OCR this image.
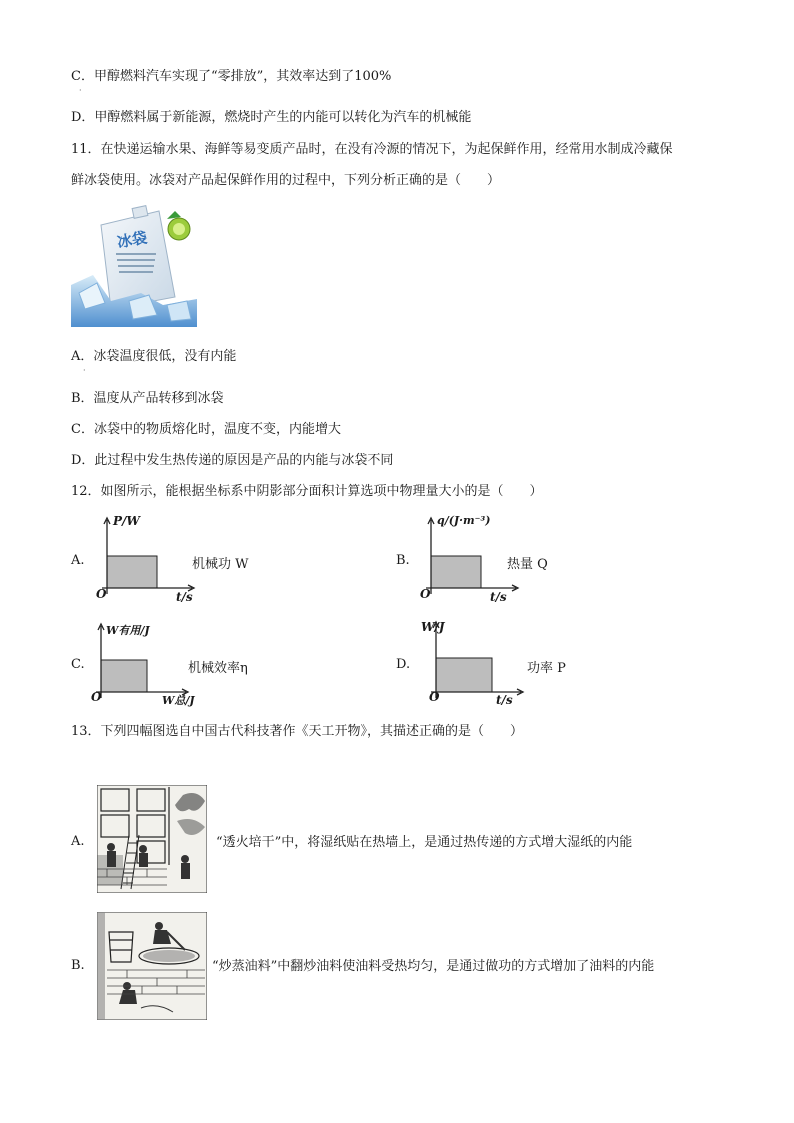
C．甲醇燃料汽车实现了“零排放”，其效率达到了100%
·
D．甲醇燃料属于新能源，燃烧时产生的内能可以转化为汽车的机械能
11．在快递运输水果、海鲜等易变质产品时，在没有冷源的情况下，为起保鲜作用，经常用水制成冷藏保
鲜冰袋使用。冰袋对产品起保鲜作用的过程中，下列分析正确的是（　　）
冰袋
A．冰袋温度很低，没有内能
·
B．温度从产品转移到冰袋
C．冰袋中的物质熔化时，温度不变，内能增大
D．此过程中发生热传递的原因是产品的内能与冰袋不同
12．如图所示，能根据坐标系中阴影部分面积计算选项中物理量大小的是（　　）
A.
P/W
O	t/s
机械功 W	B.
q/(J·m⁻³)
O	t/s
热量 Q
C.
W有用/J
O	W总/J
机械效率η	D.
W/J
O	t/s
功率 P
13．下列四幅图选自中国古代科技著作《天工开物》，其描述正确的是（　　）
A.	“透火培干”中，将湿纸贴在热墙上，是通过热传递的方式增大湿纸的内能
B.	“炒蒸油料”中翻炒油料使油料受热均匀，是通过做功的方式增加了油料的内能
